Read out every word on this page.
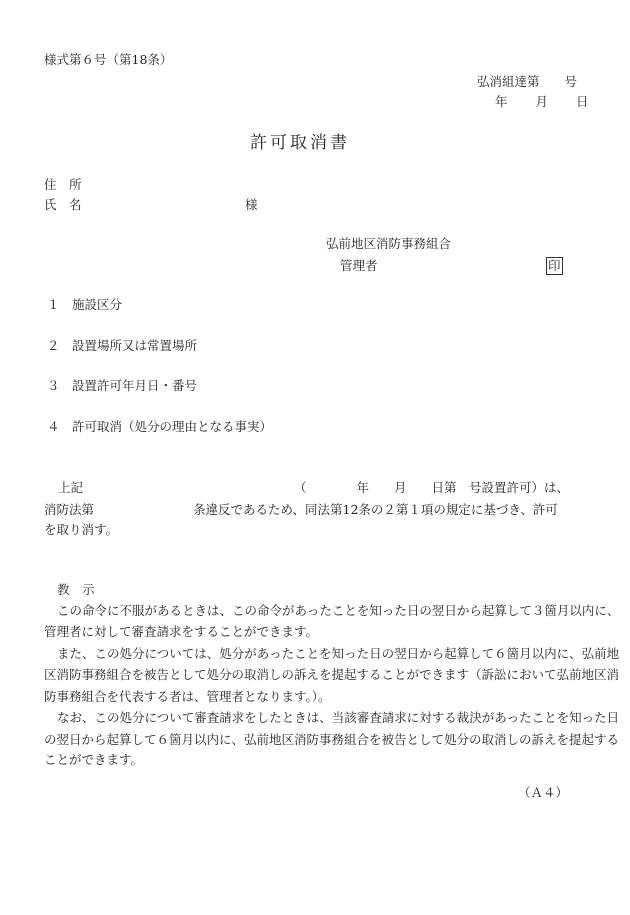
様式第６号（第18条）
弘消組達第　　号
年　　月　　日
許可取消書
住　所
氏　名	様
弘前地区消防事務組合
管理者	印
１　施設区分
２　設置場所又は常置場所
３　設置許可年月日・番号
４　許可取消（処分の理由となる事実）
上記	（　　　　年　　月　　日第　号設置許可）は、
消防法第	条違反であるため、同法第12条の２第１項の規定に基づき、許可
を取り消す。
教　示
この命令に不服があるときは、この命令があったことを知った日の翌日から起算して３箇月以内に、
管理者に対して審査請求をすることができます。
また、この処分については、処分があったことを知った日の翌日から起算して６箇月以内に、弘前地
区消防事務組合を被告として処分の取消しの訴えを提起することができます（訴訟において弘前地区消
防事務組合を代表する者は、管理者となります。）。
なお、この処分について審査請求をしたときは、当該審査請求に対する裁決があったことを知った日
の翌日から起算して６箇月以内に、弘前地区消防事務組合を被告として処分の取消しの訴えを提起する
ことができます。
（Ａ４）
